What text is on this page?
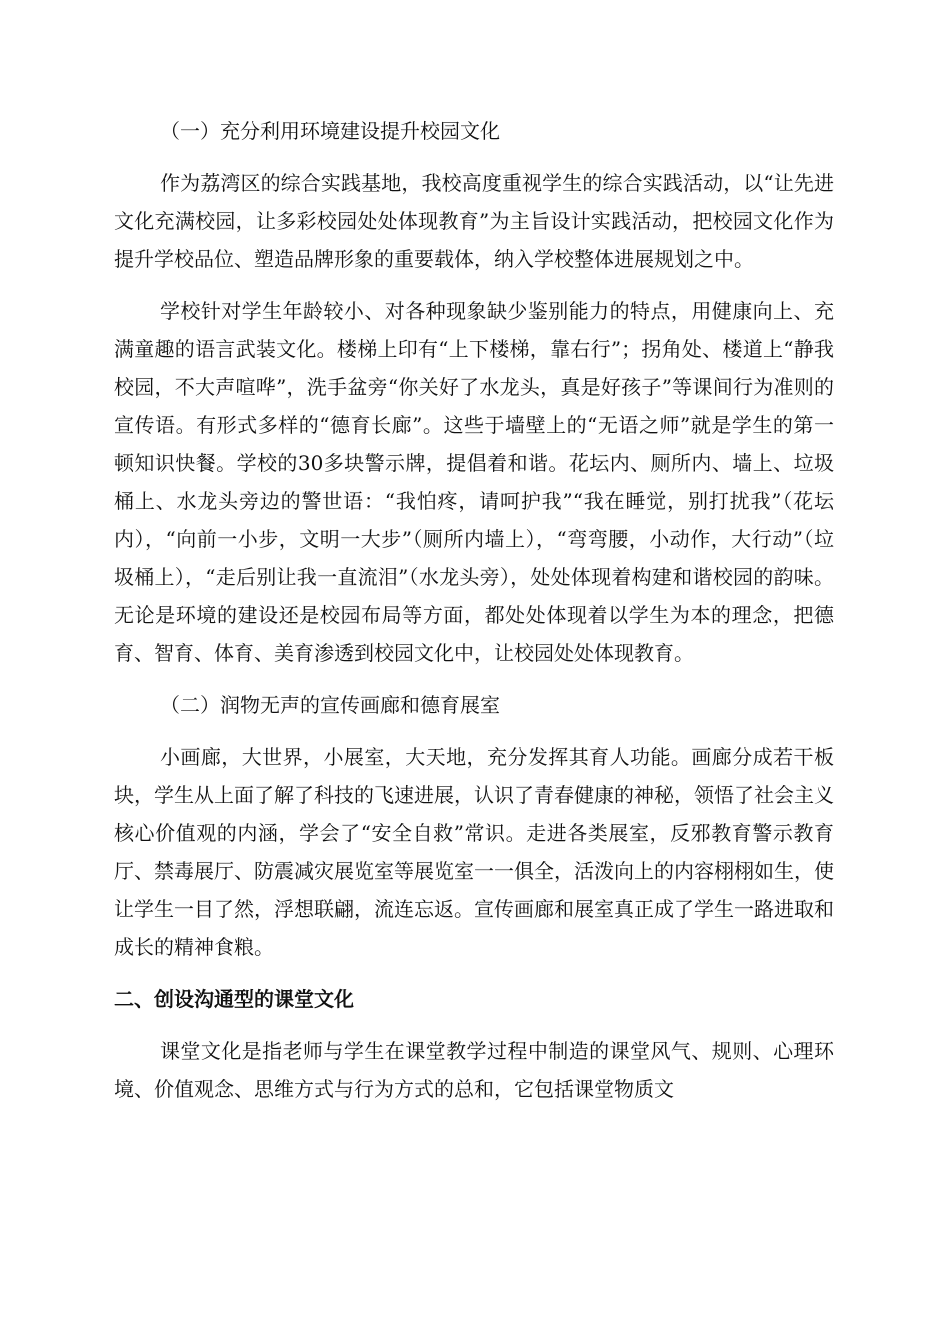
（一）充分利用环境建设提升校园文化

作为荔湾区的综合实践基地，我校高度重视学生的综合实践活动，以“让先进文化充满校园，让多彩校园处处体现教育”为主旨设计实践活动，把校园文化作为提升学校品位、塑造品牌形象的重要载体，纳入学校整体进展规划之中。

学校针对学生年龄较小、对各种现象缺少鉴别能力的特点，用健康向上、充满童趣的语言武装文化。楼梯上印有“上下楼梯，靠右行”；拐角处、楼道上“静我校园，不大声喧哗”，洗手盆旁“你关好了水龙头，真是好孩子”等课间行为准则的宣传语。有形式多样的“德育长廊”。这些于墙壁上的“无语之师”就是学生的第一顿知识快餐。学校的30多块警示牌，提倡着和谐。花坛内、厕所内、墙上、垃圾桶上、水龙头旁边的警世语：“我怕疼，请呵护我”“我在睡觉，别打扰我”（花坛内），“向前一小步，文明一大步”（厕所内墙上），“弯弯腰，小动作，大行动”（垃圾桶上），“走后别让我一直流泪”（水龙头旁），处处体现着构建和谐校园的韵味。无论是环境的建设还是校园布局等方面，都处处体现着以学生为本的理念，把德育、智育、体育、美育渗透到校园文化中，让校园处处体现教育。

（二）润物无声的宣传画廊和德育展室

小画廊，大世界，小展室，大天地，充分发挥其育人功能。画廊分成若干板块，学生从上面了解了科技的飞速进展，认识了青春健康的神秘，领悟了社会主义核心价值观的内涵，学会了“安全自救”常识。走进各类展室，反邪教育警示教育厅、禁毒展厅、防震减灾展览室等展览室一一俱全，活泼向上的内容栩栩如生，使让学生一目了然，浮想联翩，流连忘返。宣传画廊和展室真正成了学生一路进取和成长的精神食粮。

二、创设沟通型的课堂文化

课堂文化是指老师与学生在课堂教学过程中制造的课堂风气、规则、心理环境、价值观念、思维方式与行为方式的总和，它包括课堂物质文
